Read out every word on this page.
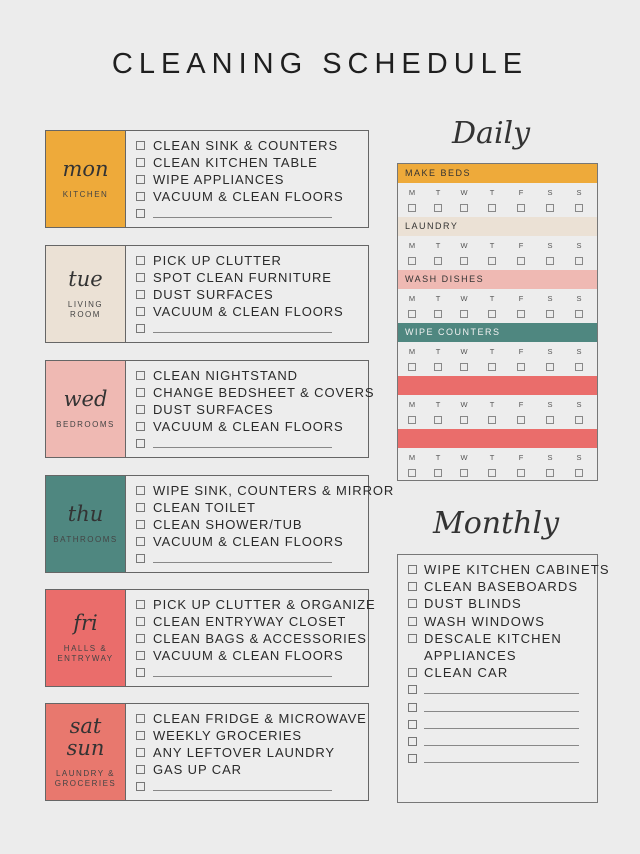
CLEANING SCHEDULE
mon
KITCHEN
CLEAN SINK & COUNTERS
CLEAN KITCHEN TABLE
WIPE APPLIANCES
VACUUM & CLEAN FLOORS
tue
LIVING
ROOM
PICK UP CLUTTER
SPOT CLEAN FURNITURE
DUST SURFACES
VACUUM & CLEAN FLOORS
wed
BEDROOMS
CLEAN NIGHTSTAND
CHANGE BEDSHEET & COVERS
DUST SURFACES
VACUUM & CLEAN FLOORS
thu
BATHROOMS
WIPE SINK, COUNTERS & MIRROR
CLEAN TOILET
CLEAN SHOWER/TUB
VACUUM & CLEAN FLOORS
fri
HALLS &
ENTRYWAY
PICK UP CLUTTER & ORGANIZE
CLEAN ENTRYWAY CLOSET
CLEAN BAGS & ACCESSORIES
VACUUM & CLEAN FLOORS
sat
sun
LAUNDRY &
GROCERIES
CLEAN FRIDGE & MICROWAVE
WEEKLY GROCERIES
ANY LEFTOVER LAUNDRY
GAS UP CAR
Daily
MAKE BEDS
M	T	W	T	F	S	S
LAUNDRY
M	T	W	T	F	S	S
WASH DISHES
M	T	W	T	F	S	S
WIPE COUNTERS
M	T	W	T	F	S	S
M	T	W	T	F	S	S
M	T	W	T	F	S	S
Monthly
WIPE KITCHEN CABINETS
CLEAN BASEBOARDS
DUST BLINDS
WASH WINDOWS
DESCALE KITCHEN
APPLIANCES
CLEAN CAR
